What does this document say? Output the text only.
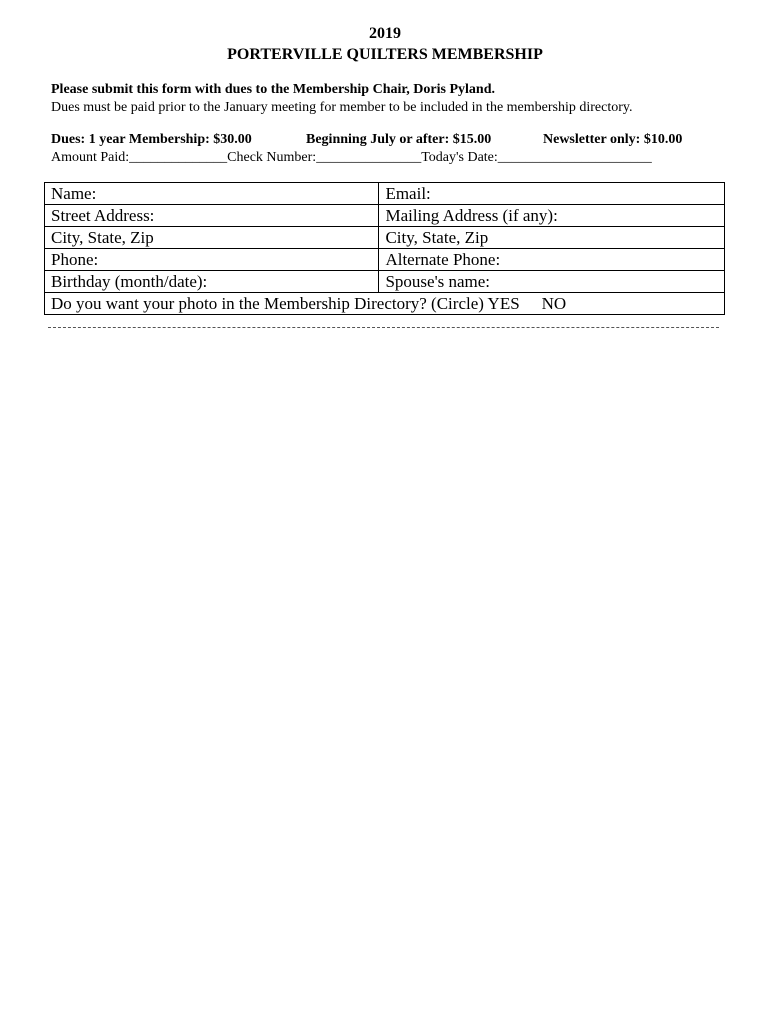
2019
PORTERVILLE QUILTERS MEMBERSHIP
Please submit this form with dues to the Membership Chair, Doris Pyland.
Dues must be paid prior to the January meeting for member to be included in the membership directory.
Dues: 1 year Membership: $30.00	Beginning July or after: $15.00	Newsletter only: $10.00
Amount Paid:______________Check Number:_______________Today's Date:______________________
Name:	Email:
Street Address:	Mailing Address (if any):
City, State, Zip	City, State, Zip
Phone:	Alternate Phone:
Birthday (month/date):	Spouse's name:
Do you want your photo in the Membership Directory? (Circle) YES NO	
